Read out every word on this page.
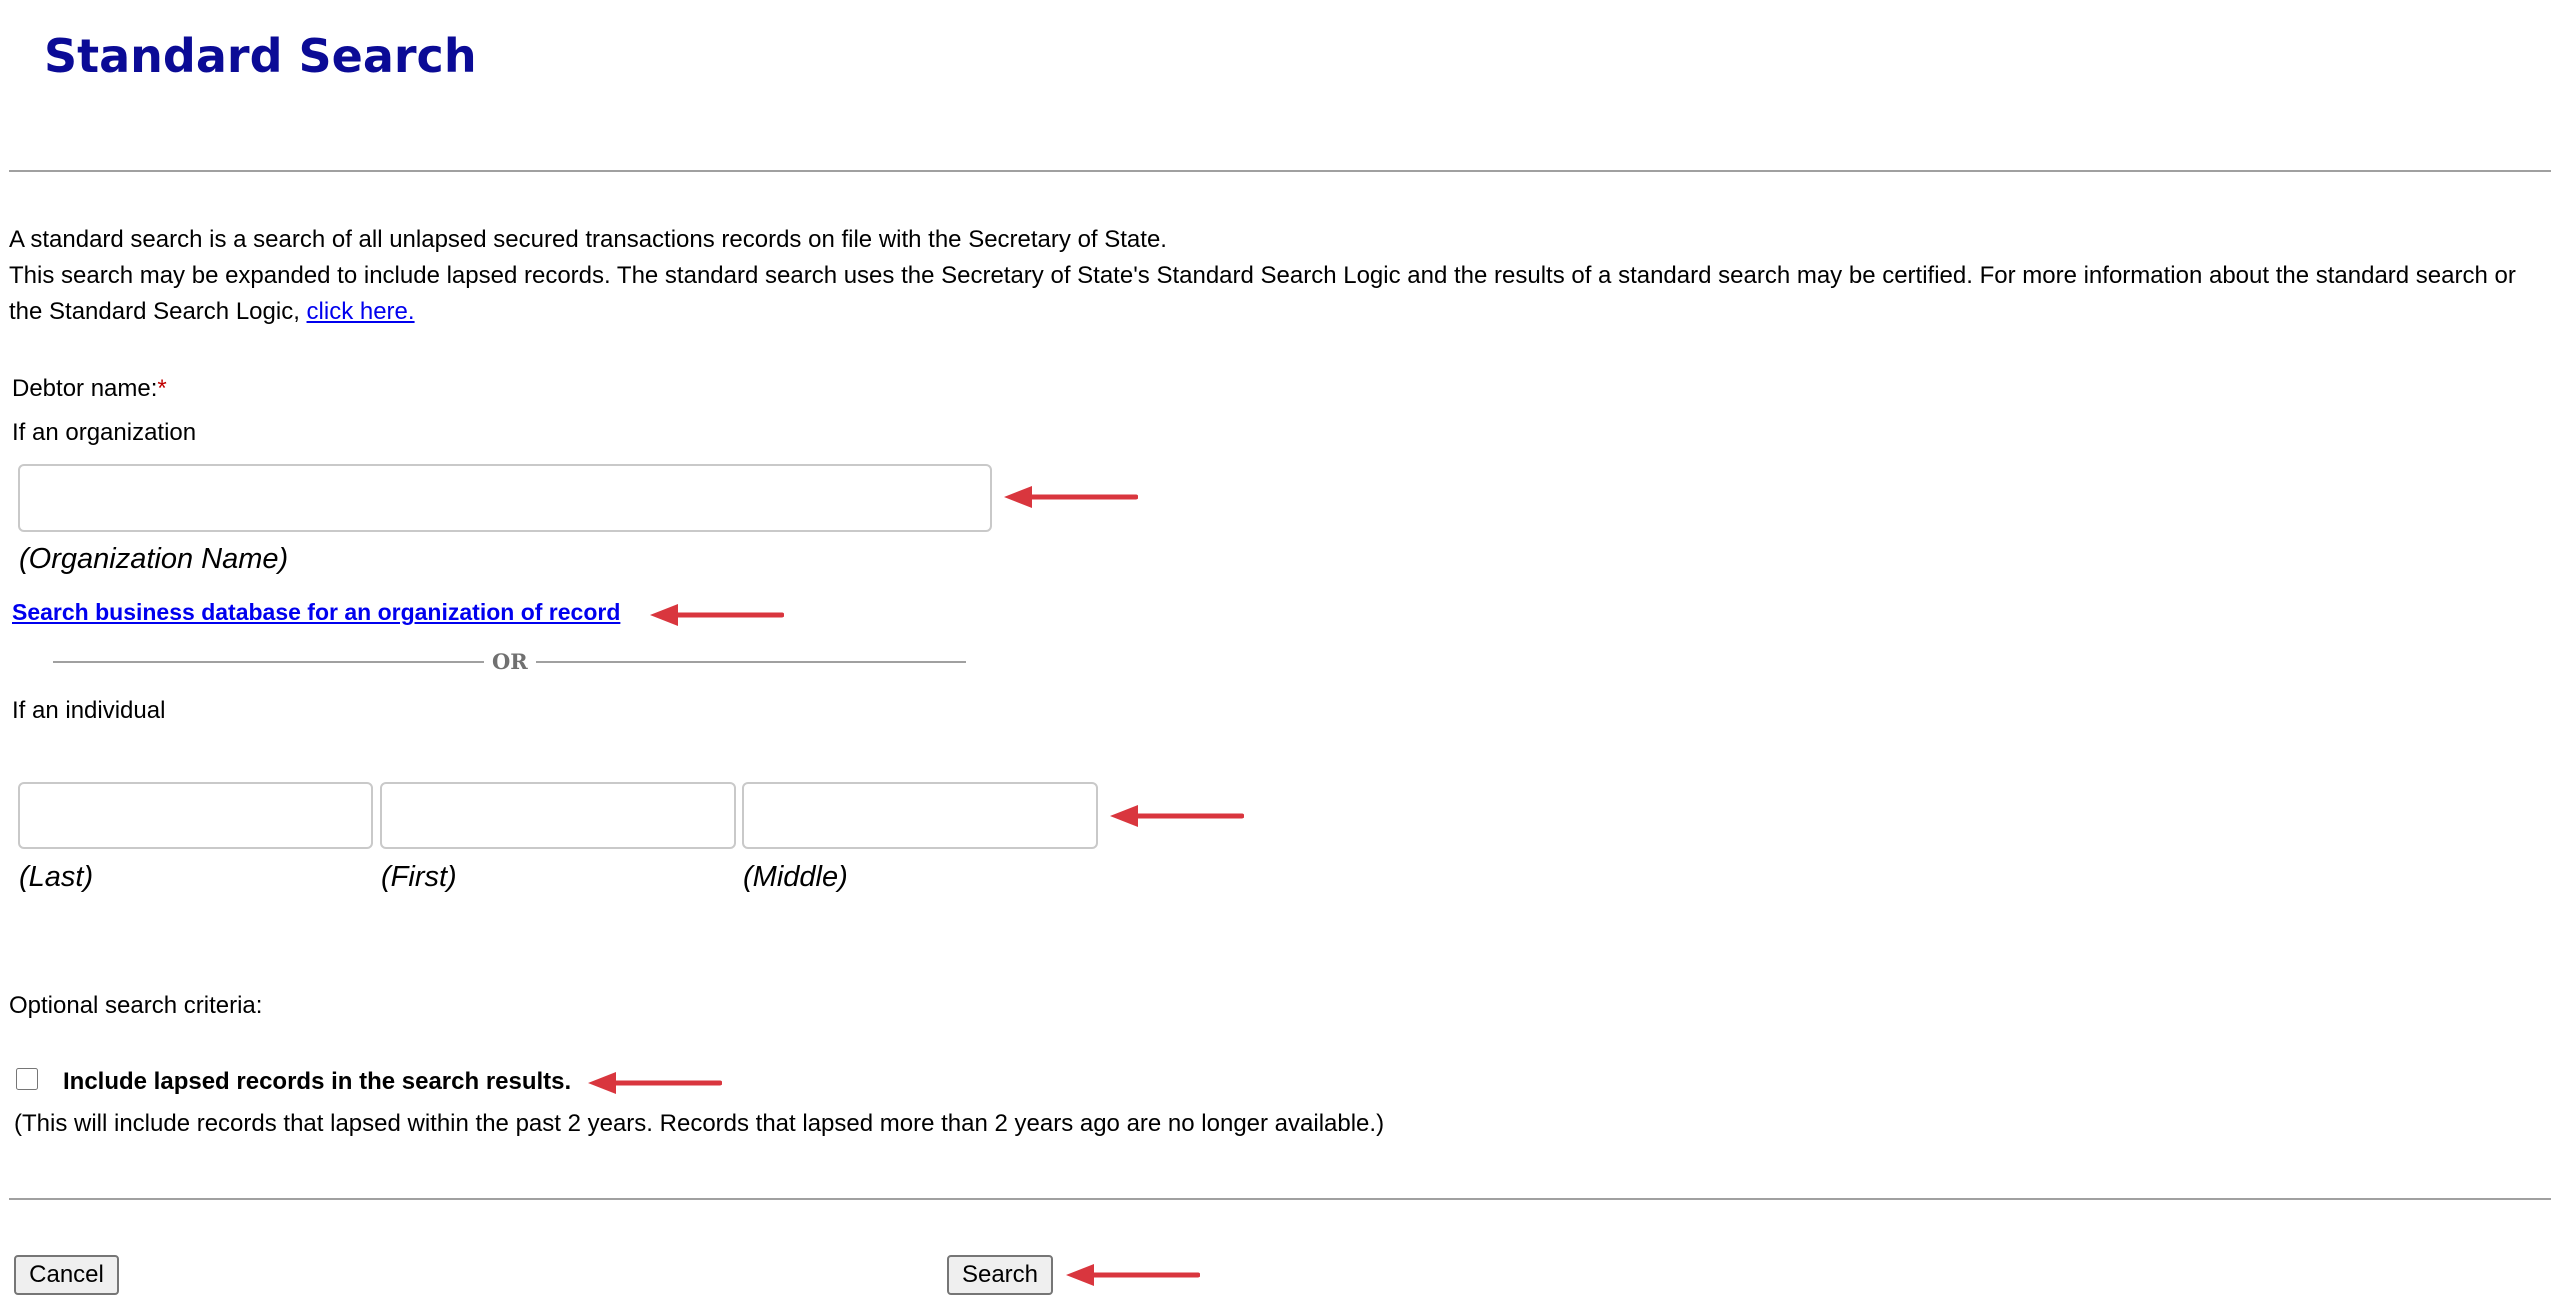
Standard Search

A standard search is a search of all unlapsed secured transactions records on file with the Secretary of State.

This search may be expanded to include lapsed records. The standard search uses the Secretary of State's Standard Search Logic and the results of a standard search may be certified. For more information about the standard search or the Standard Search Logic, click here.

Debtor name:*
If an organization
(Organization Name)
Search business database for an organization of record
OR
If an individual
(Last)	(First)	(Middle)
Optional search criteria:
Include lapsed records in the search results.
(This will include records that lapsed within the past 2 years. Records that lapsed more than 2 years ago are no longer available.)
Cancel	Search
